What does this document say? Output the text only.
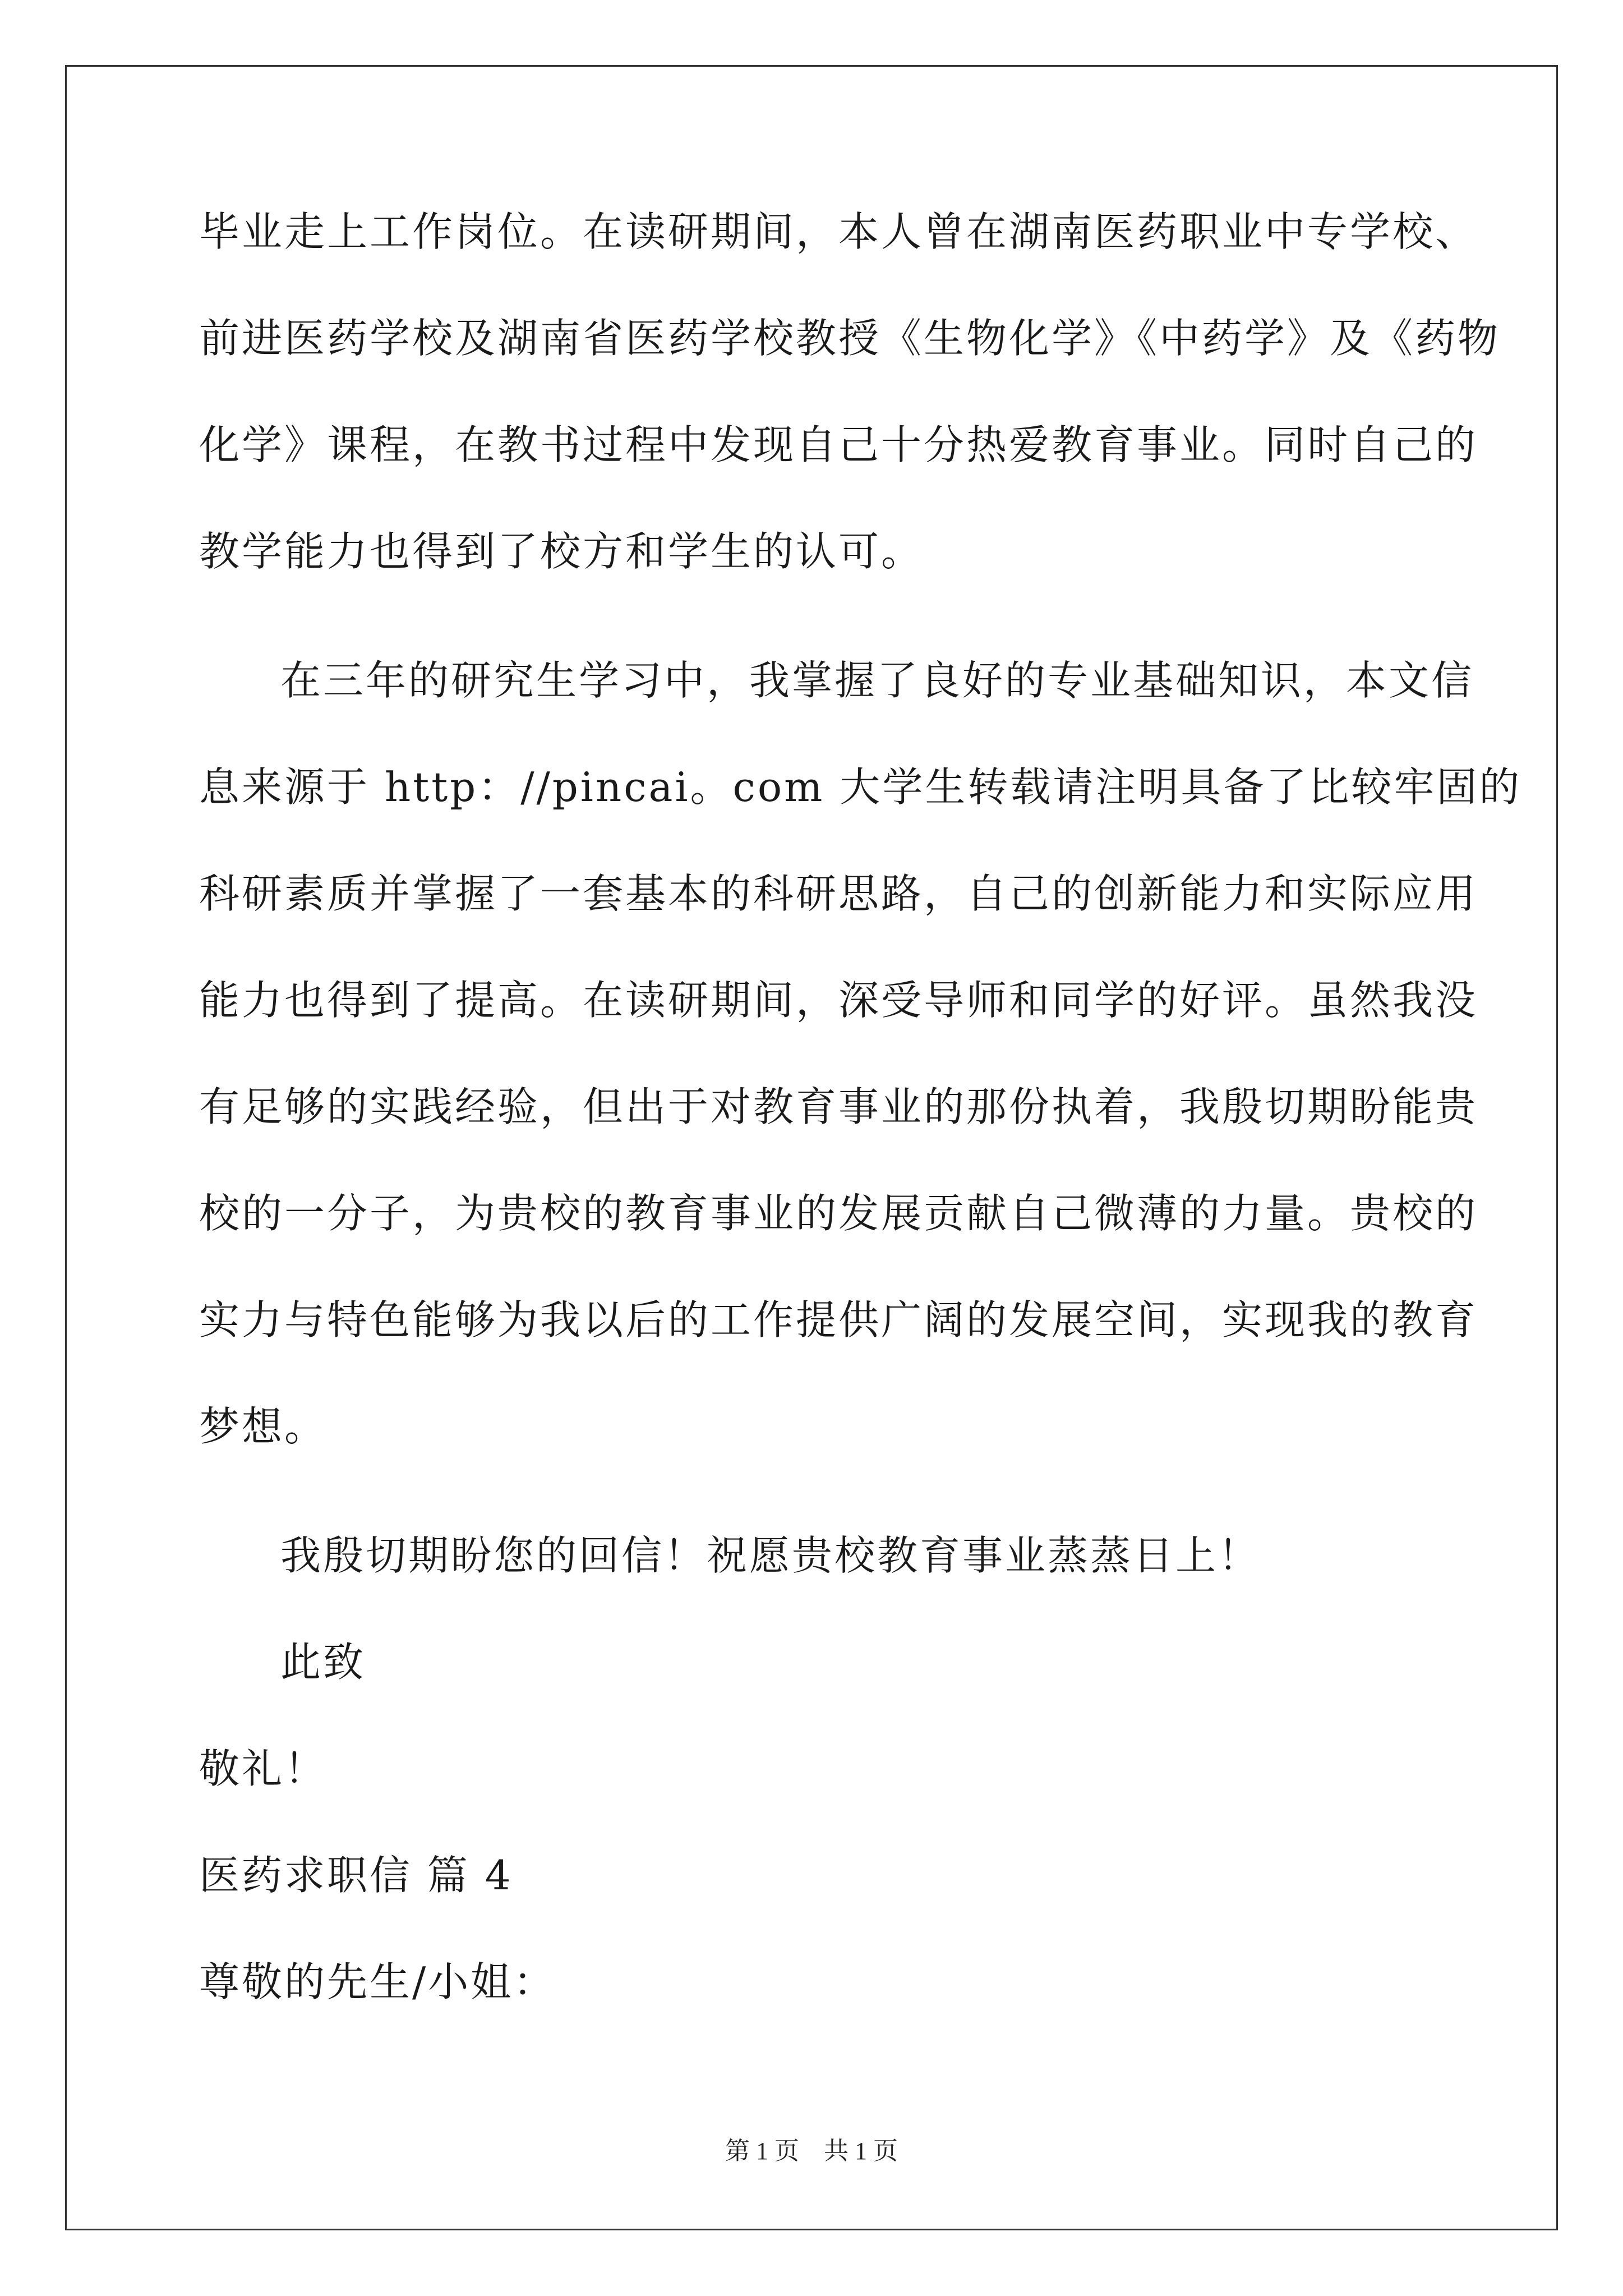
毕业走上工作岗位。在读研期间，本人曾在湖南医药职业中专学校、
前进医药学校及湖南省医药学校教授《生物化学》《中药学》及《药物
化学》课程，在教书过程中发现自己十分热爱教育事业。同时自己的
教学能力也得到了校方和学生的认可。
在三年的研究生学习中，我掌握了良好的专业基础知识，本文信
息来源于 http：//pincai。com 大学生转载请注明具备了比较牢固的
科研素质并掌握了一套基本的科研思路，自己的创新能力和实际应用
能力也得到了提高。在读研期间，深受导师和同学的好评。虽然我没
有足够的实践经验，但出于对教育事业的那份执着，我殷切期盼能贵
校的一分子，为贵校的教育事业的发展贡献自己微薄的力量。贵校的
实力与特色能够为我以后的工作提供广阔的发展空间，实现我的教育
梦想。
我殷切期盼您的回信！祝愿贵校教育事业蒸蒸日上！
此致
敬礼！
医药求职信 篇 4
尊敬的先生/小姐：
第 1 页　共 1 页
